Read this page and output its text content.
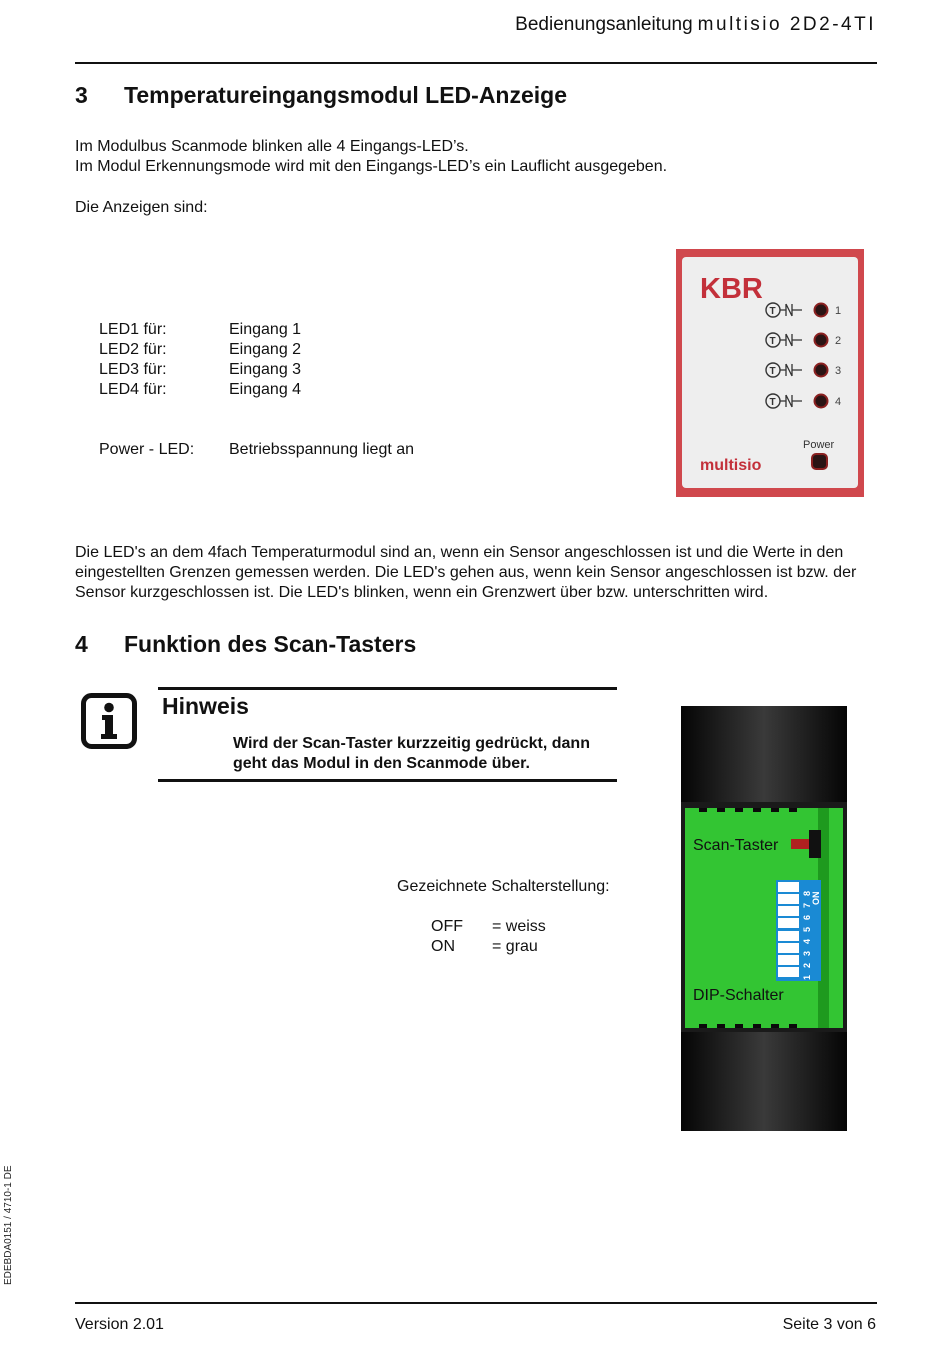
Bedienungsanleitung multisio 2D2-4TI
3 Temperatureingangsmodul LED-Anzeige
Im Modulbus Scanmode blinken alle 4 Eingangs-LED’s.
Im Modul Erkennungsmode wird mit den Eingangs-LED’s ein Lauflicht ausgegeben.
Die Anzeigen sind:
LED1 für:	Eingang 1
LED2 für:	Eingang 2
LED3 für:	Eingang 3
LED4 für:	Eingang 4
Power - LED: Betriebsspannung liegt an
KBR
T	1
T	2
T	3
T	4
Power
multisio
Die LED's an dem 4fach Temperaturmodul sind an, wenn ein Sensor angeschlossen ist und die Werte in den eingestellten Grenzen gemessen werden. Die LED's gehen aus, wenn kein Sensor angeschlossen ist bzw. der Sensor kurzgeschlossen ist. Die LED's blinken, wenn ein Grenzwert über bzw. unterschritten wird.
4 Funktion des Scan-Tasters
Hinweis
Wird der Scan-Taster kurzzeitig gedrückt, dann
geht das Modul in den Scanmode über.
Gezeichnete Schalterstellung:
OFF = weiss
ON = grau
Scan-Taster
1
2
3
4
5
6
7
8 ON
DIP-Schalter
EDEBDA0151 / 4710-1 DE
Version 2.01	Seite 3 von 6
